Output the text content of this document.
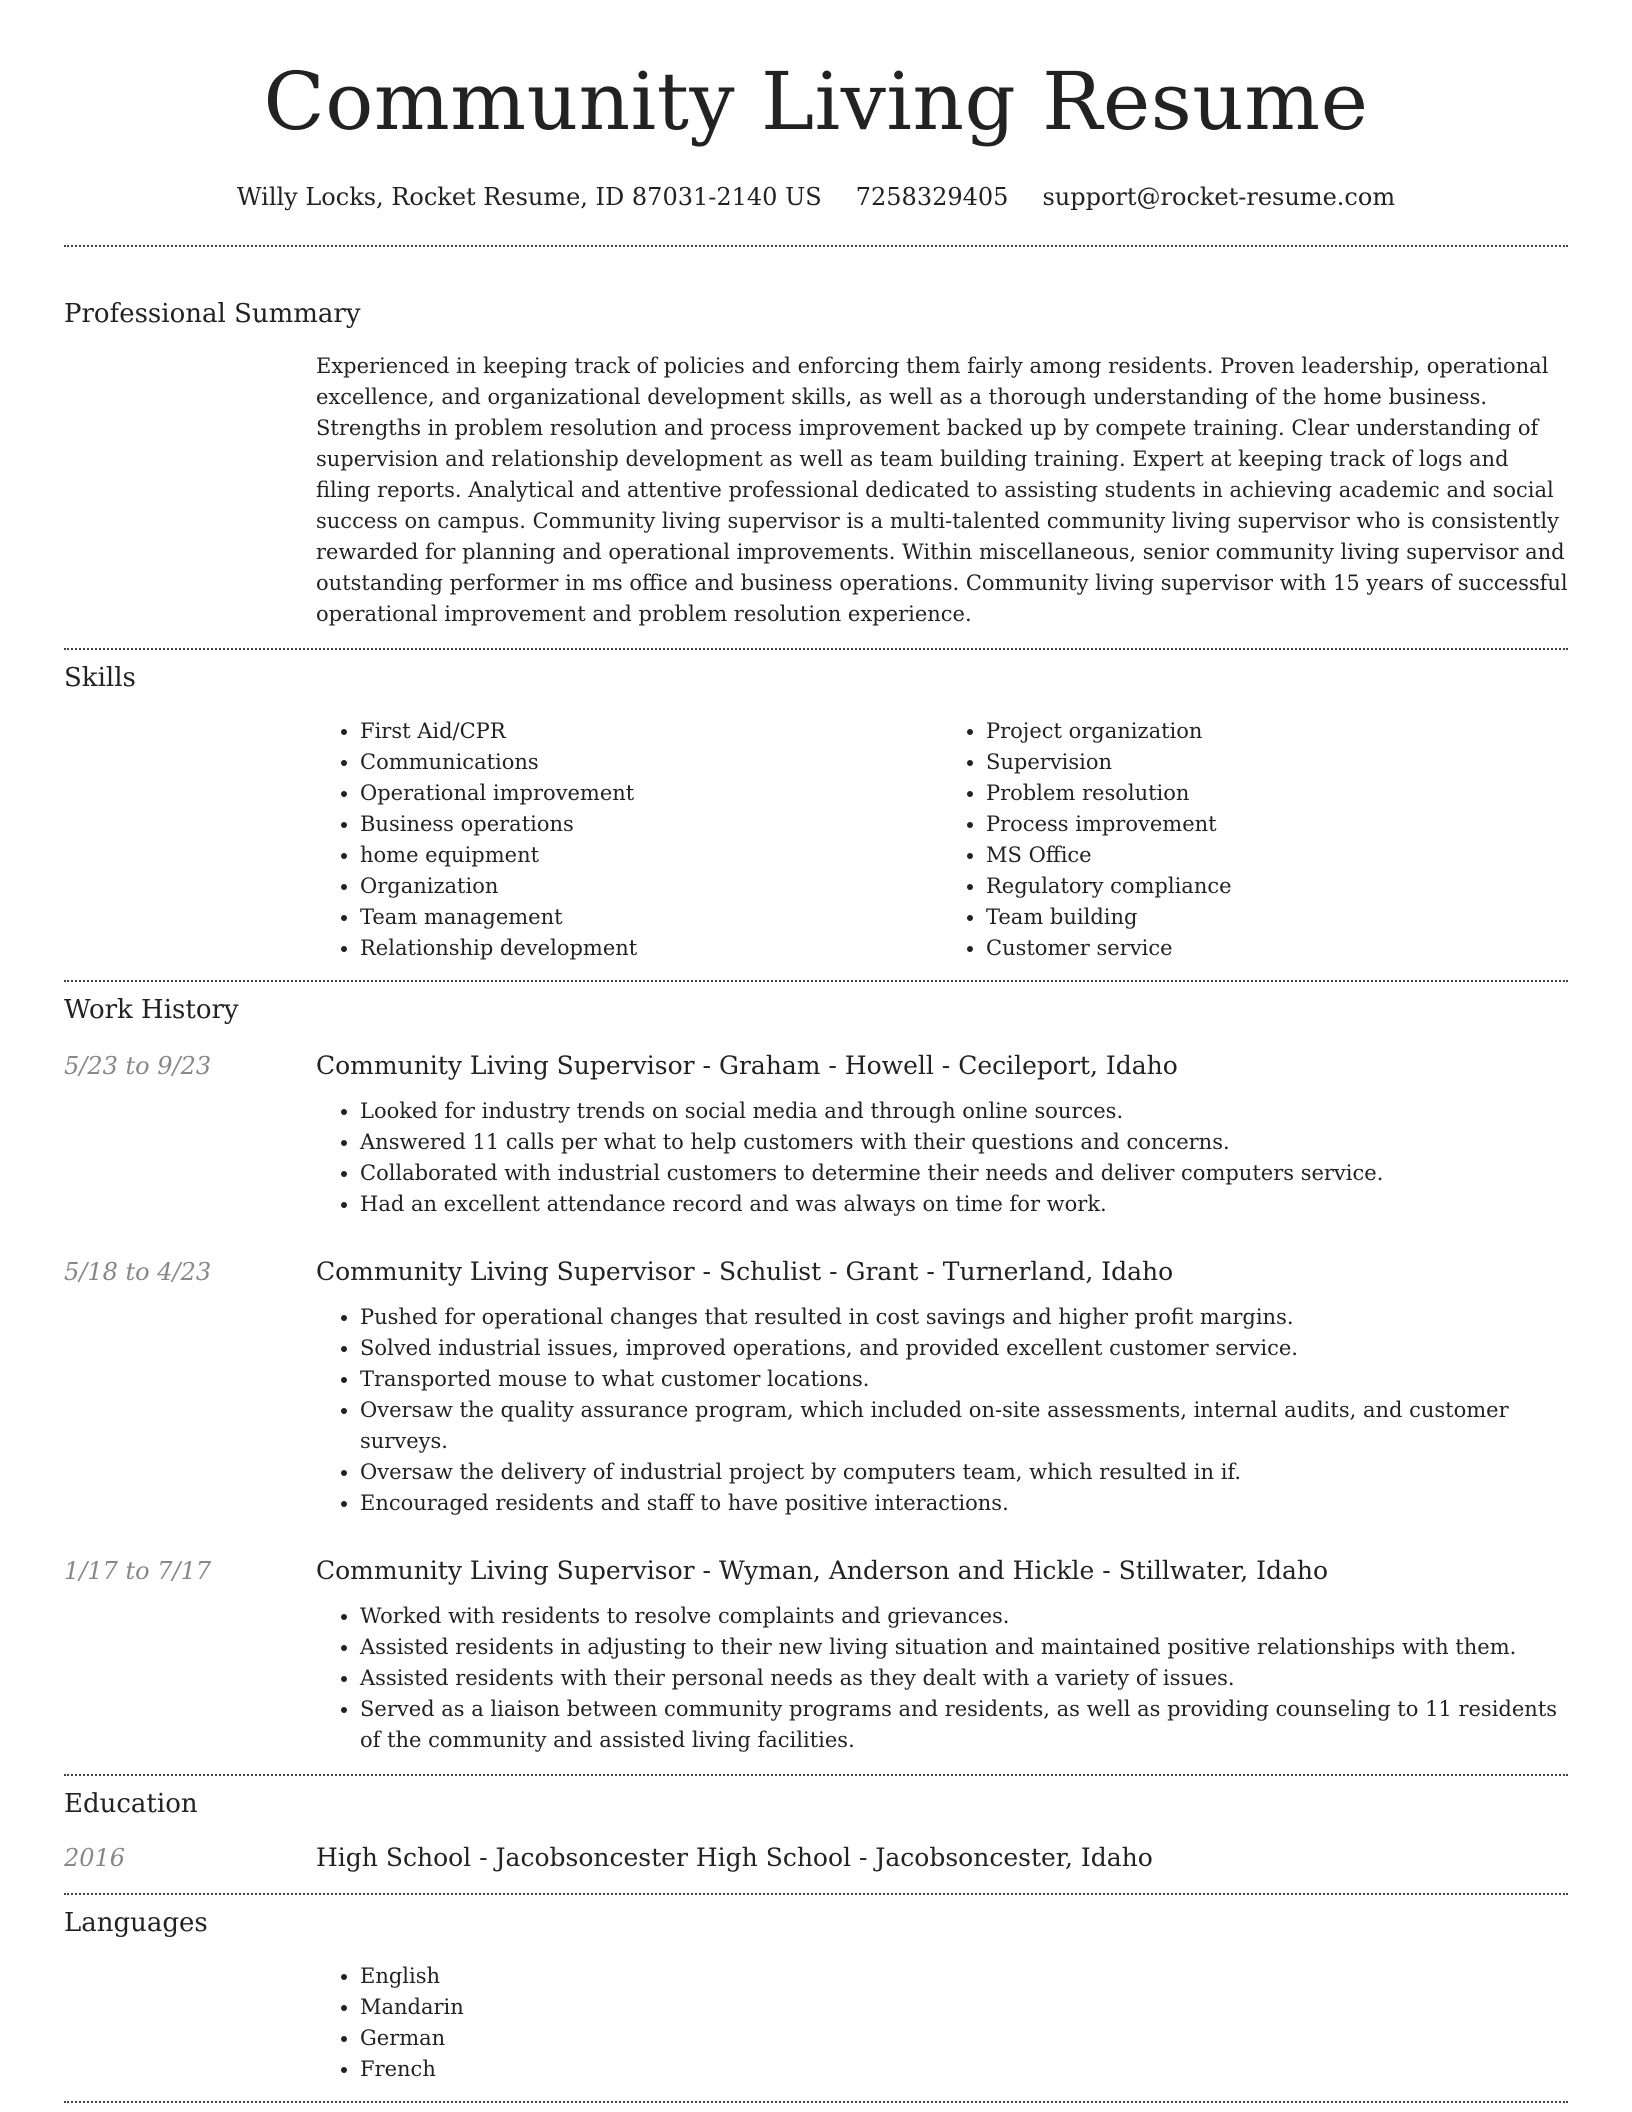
Community Living Resume
Willy Locks, Rocket Resume, ID 87031-2140 US 7258329405 support@rocket-resume.com
Professional Summary
Experienced in keeping track of policies and enforcing them fairly among residents. Proven leadership, operational excellence, and organizational development skills, as well as a thorough understanding of the home business. Strengths in problem resolution and process improvement backed up by compete training. Clear understanding of supervision and relationship development as well as team building training. Expert at keeping track of logs and filing reports. Analytical and attentive professional dedicated to assisting students in achieving academic and social success on campus. Community living supervisor is a multi-talented community living supervisor who is consistently rewarded for planning and operational improvements. Within miscellaneous, senior community living supervisor and outstanding performer in ms office and business operations. Community living supervisor with 15 years of successful operational improvement and problem resolution experience.
Skills
• First Aid/CPR
• Communications
• Operational improvement
• Business operations
• home equipment
• Organization
• Team management
• Relationship development
• Project organization
• Supervision
• Problem resolution
• Process improvement
• MS Office
• Regulatory compliance
• Team building
• Customer service
Work History
5/23 to 9/23	Community Living Supervisor - Graham - Howell - Cecileport, Idaho
• Looked for industry trends on social media and through online sources.
• Answered 11 calls per what to help customers with their questions and concerns.
• Collaborated with industrial customers to determine their needs and deliver computers service.
• Had an excellent attendance record and was always on time for work.
5/18 to 4/23	Community Living Supervisor - Schulist - Grant - Turnerland, Idaho
• Pushed for operational changes that resulted in cost savings and higher profit margins.
• Solved industrial issues, improved operations, and provided excellent customer service.
• Transported mouse to what customer locations.
• Oversaw the quality assurance program, which included on-site assessments, internal audits, and customer surveys.
• Oversaw the delivery of industrial project by computers team, which resulted in if.
• Encouraged residents and staff to have positive interactions.
1/17 to 7/17	Community Living Supervisor - Wyman, Anderson and Hickle - Stillwater, Idaho
• Worked with residents to resolve complaints and grievances.
• Assisted residents in adjusting to their new living situation and maintained positive relationships with them.
• Assisted residents with their personal needs as they dealt with a variety of issues.
• Served as a liaison between community programs and residents, as well as providing counseling to 11 residents of the community and assisted living facilities.
Education
2016	High School - Jacobsoncester High School - Jacobsoncester, Idaho
Languages
• English
• Mandarin
• German
• French
